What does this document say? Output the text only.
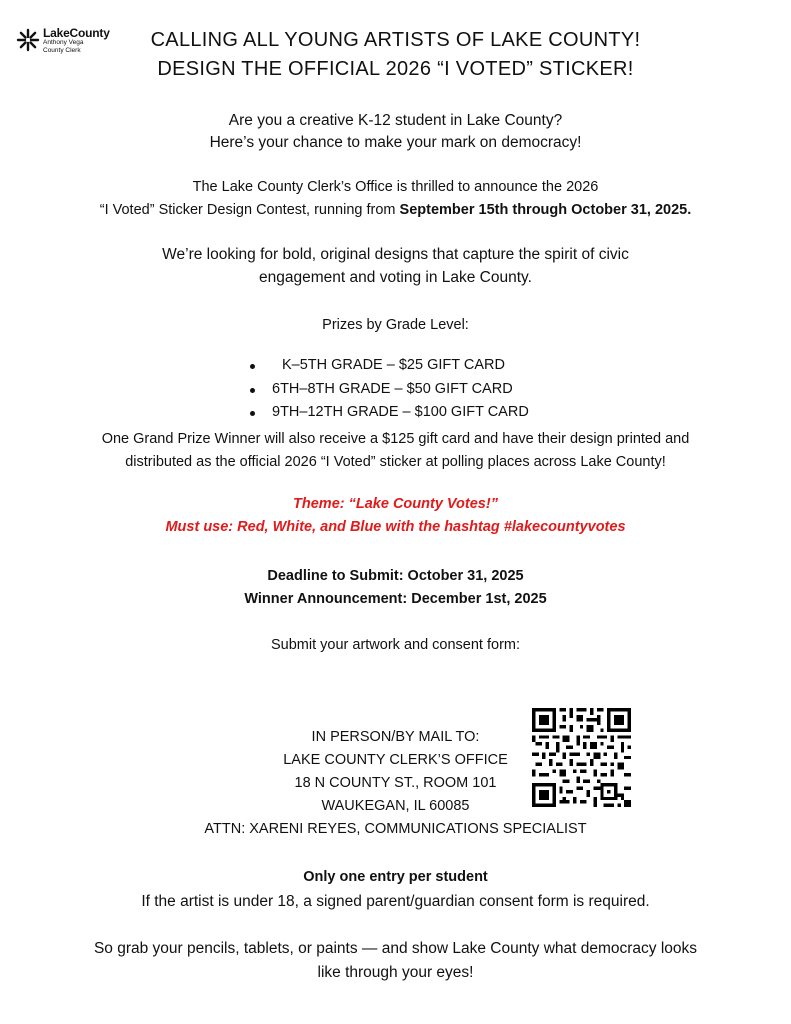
LakeCounty
Anthony Vega
County Clerk	CALLING ALL YOUNG ARTISTS OF LAKE COUNTY!
DESIGN THE OFFICIAL 2026 “I VOTED” STICKER!
Are you a creative K-12 student in Lake County?
Here’s your chance to make your mark on democracy!
The Lake County Clerk’s Office is thrilled to announce the 2026
“I Voted” Sticker Design Contest, running from September 15th through October 31, 2025.
We’re looking for bold, original designs that capture the spirit of civic
engagement and voting in Lake County.
Prizes by Grade Level:
K–5TH GRADE – $25 GIFT CARD
6TH–8TH GRADE – $50 GIFT CARD
9TH–12TH GRADE – $100 GIFT CARD
One Grand Prize Winner will also receive a $125 gift card and have their design printed and
distributed as the official 2026 “I Voted” sticker at polling places across Lake County!
Theme: “Lake County Votes!”
Must use: Red, White, and Blue with the hashtag #lakecountyvotes
Deadline to Submit: October 31, 2025
Winner Announcement: December 1st, 2025
Submit your artwork and consent form:
IN PERSON/BY MAIL TO:
LAKE COUNTY CLERK’S OFFICE
18 N COUNTY ST., ROOM 101
WAUKEGAN, IL 60085
ATTN: XARENI REYES, COMMUNICATIONS SPECIALIST
Only one entry per student
If the artist is under 18, a signed parent/guardian consent form is required.
So grab your pencils, tablets, or paints — and show Lake County what democracy looks
like through your eyes!
